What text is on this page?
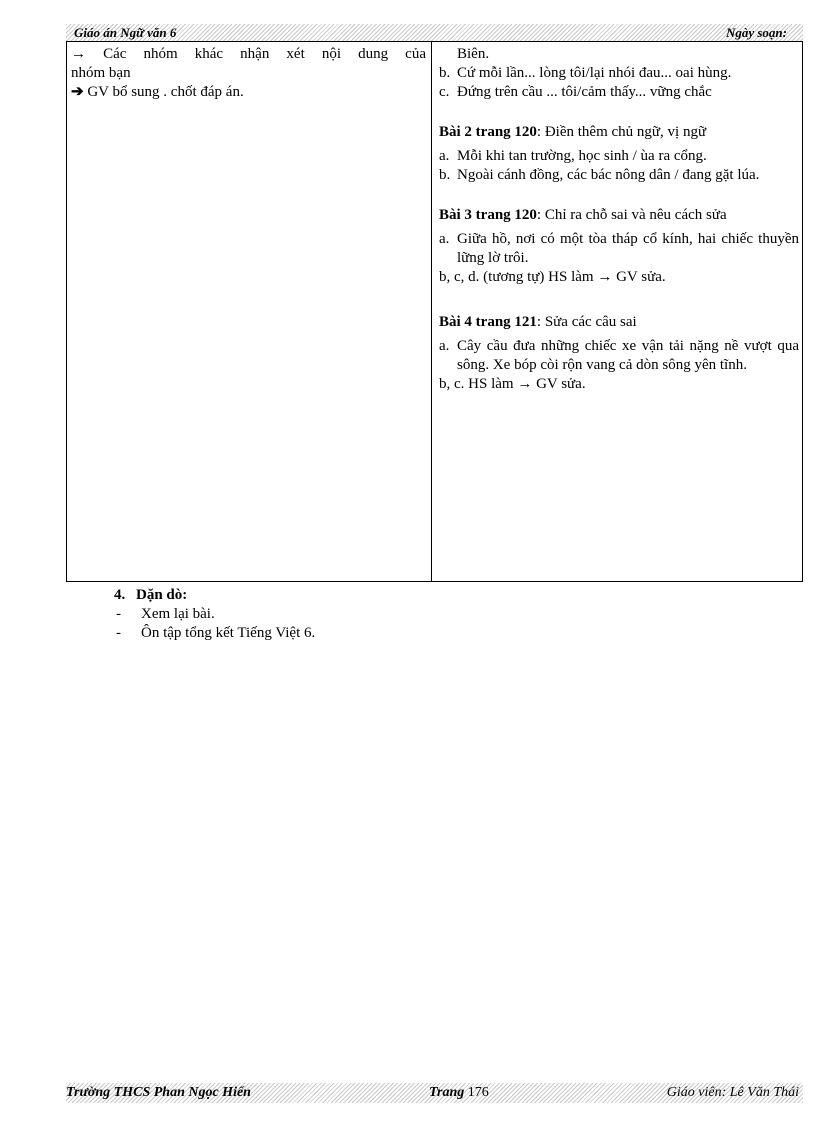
Giáo án Ngữ văn 6	Ngày soạn:
→ Các nhóm khác nhận xét nội dung của
nhóm bạn
➔ GV bổ sung . chốt đáp án.
Biên.
b. Cứ mỗi lần... lòng tôi/lại nhói đau... oai hùng.
c. Đứng trên cầu ... tôi/cảm thấy... vững chắc
Bài 2 trang 120: Điền thêm chủ ngữ, vị ngữ
a. Mỗi khi tan trường, học sinh / ùa ra cổng.
b. Ngoài cánh đồng, các bác nông dân / đang gặt lúa.
Bài 3 trang 120: Chỉ ra chỗ sai và nêu cách sửa
a. Giữa hồ, nơi có một tòa tháp cổ kính, hai chiếc thuyền lững lờ trôi.
b, c, d. (tương tự) HS làm → GV sửa.
Bài 4 trang 121: Sửa các câu sai
a. Cây cầu đưa những chiếc xe vận tải nặng nề vượt qua sông. Xe bóp còi rộn vang cả dòn sông yên tĩnh.
b, c. HS làm → GV sửa.
4. Dặn dò:
- Xem lại bài.
- Ôn tập tổng kết Tiếng Việt 6.
Trường THCS Phan Ngọc Hiển	Trang 176	Giáo viên: Lê Văn Thái
